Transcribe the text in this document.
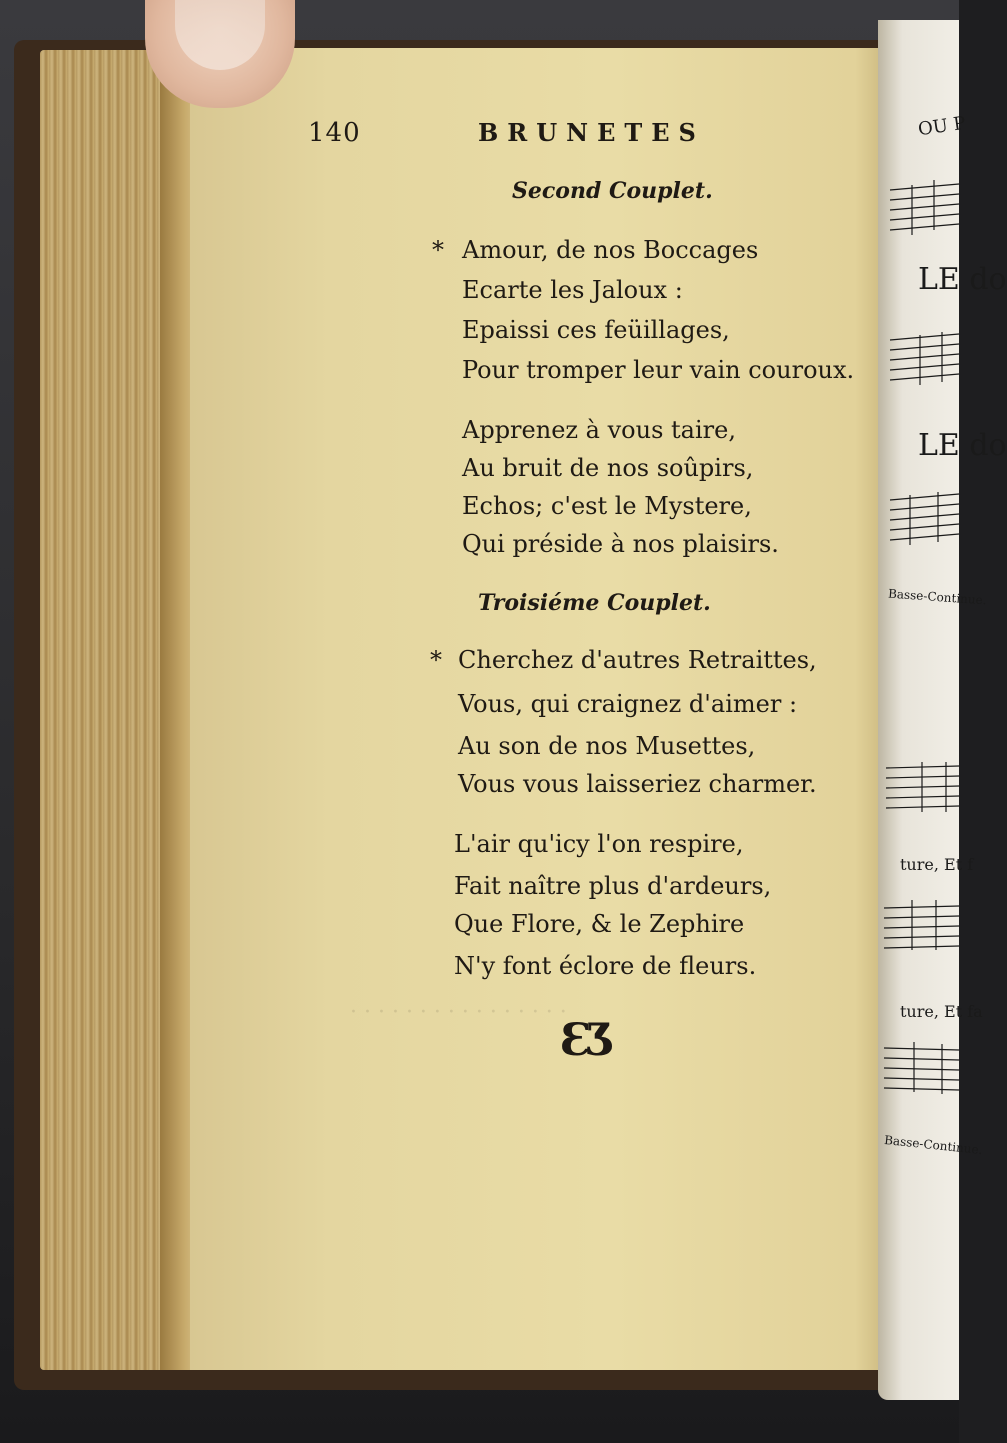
· · · · · · · · · · · · · · · ·
140	BRUNETES
Second Couplet.
* Amour, de nos Boccages
Ecarte les Jaloux :
Epaissi ces feüillages,
Pour tromper leur vain couroux.
Apprenez à vous taire,
Au bruit de nos soûpirs,
Echos; c'est le Mystere,
Qui préside à nos plaisirs.
Troisiéme Couplet.
* Cherchez d'autres Retraittes,
Vous, qui craignez d'aimer :
Au son de nos Musettes,
Vous vous laisseriez charmer.
L'air qu'icy l'on respire,
Fait naître plus d'ardeurs,
Que Flore, & le Zephire
N'y font éclore de fleurs.
ƐƷ
OU P
LE do
LE do
Basse-Continue.
ture, Et f
ture, Et fa
Basse-Continue.
